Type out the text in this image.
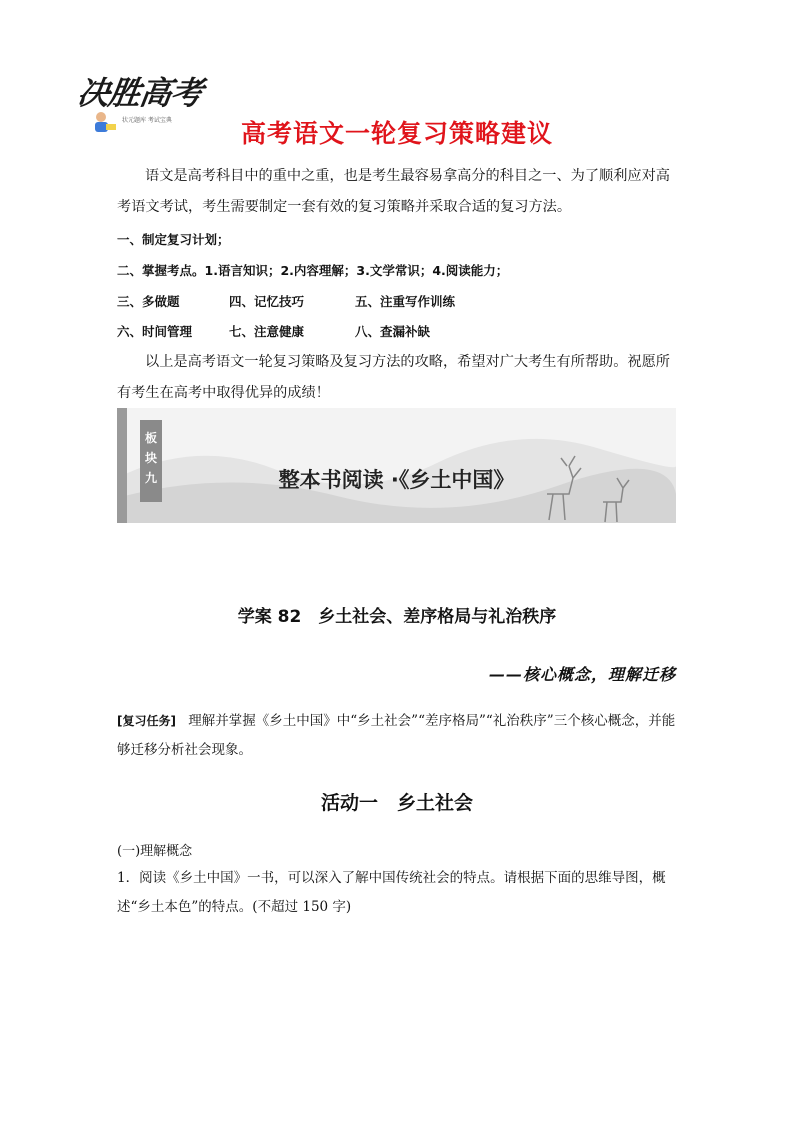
决胜高考
状元题库 考试宝典	高考语文一轮复习策略建议
语文是高考科目中的重中之重，也是考生最容易拿高分的科目之一、为了顺利应对高考语文考试，考生需要制定一套有效的复习策略并采取合适的复习方法。
一、制定复习计划；
二、掌握考点。1.语言知识；2.内容理解；3.文学常识；4.阅读能力；
三、多做题	四、记忆技巧	五、注重写作训练
六、时间管理	七、注意健康	八、查漏补缺
以上是高考语文一轮复习策略及复习方法的攻略，希望对广大考生有所帮助。祝愿所有考生在高考中取得优异的成绩！
板块九	整本书阅读 ·《乡土中国》
学案 82　乡土社会、差序格局与礼治秩序
——核心概念，理解迁移
[复习任务] 理解并掌握《乡土中国》中“乡土社会”“差序格局”“礼治秩序”三个核心概念，并能够迁移分析社会现象。
活动一　乡土社会
(一)理解概念
1．阅读《乡土中国》一书，可以深入了解中国传统社会的特点。请根据下面的思维导图，概述“乡土本色”的特点。(不超过 150 字)
